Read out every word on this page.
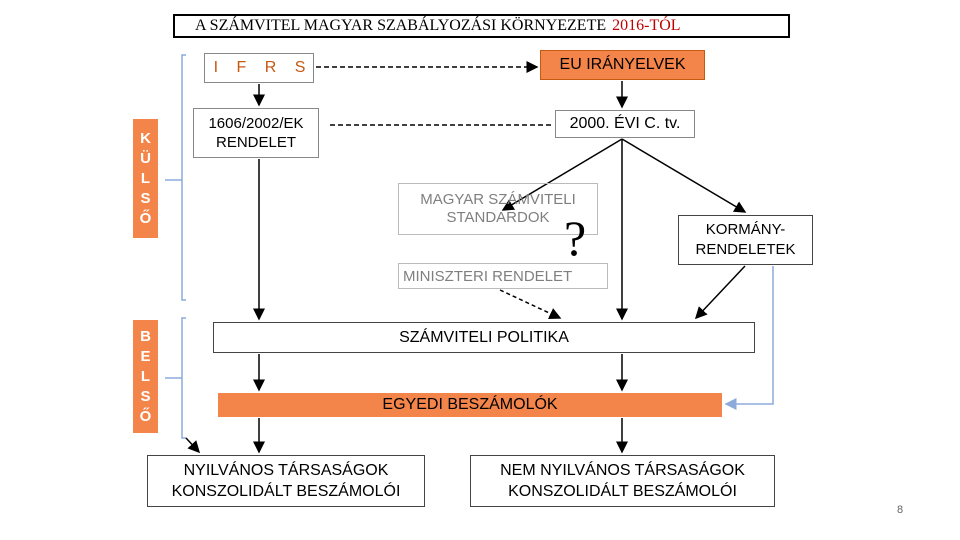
A SZÁMVITEL MAGYAR SZABÁLYOZÁSI KÖRNYEZETE 2016-TÓL
I F R S	EU IRÁNYELVEK
1606/2002/EK
RENDELET
2000. ÉVI C. tv.
MAGYAR SZÁMVITELI
STANDARDOK
MINISZTERI RENDELET
?	KORMÁNY-
RENDELETEK
SZÁMVITELI POLITIKA
EGYEDI BESZÁMOLÓK
NYILVÁNOS TÁRSASÁGOK
KONSZOLIDÁLT BESZÁMOLÓI
NEM NYILVÁNOS TÁRSASÁGOK
KONSZOLIDÁLT BESZÁMOLÓI
K
Ü
L
S
Ő
B
E
L
S
Ő
8
